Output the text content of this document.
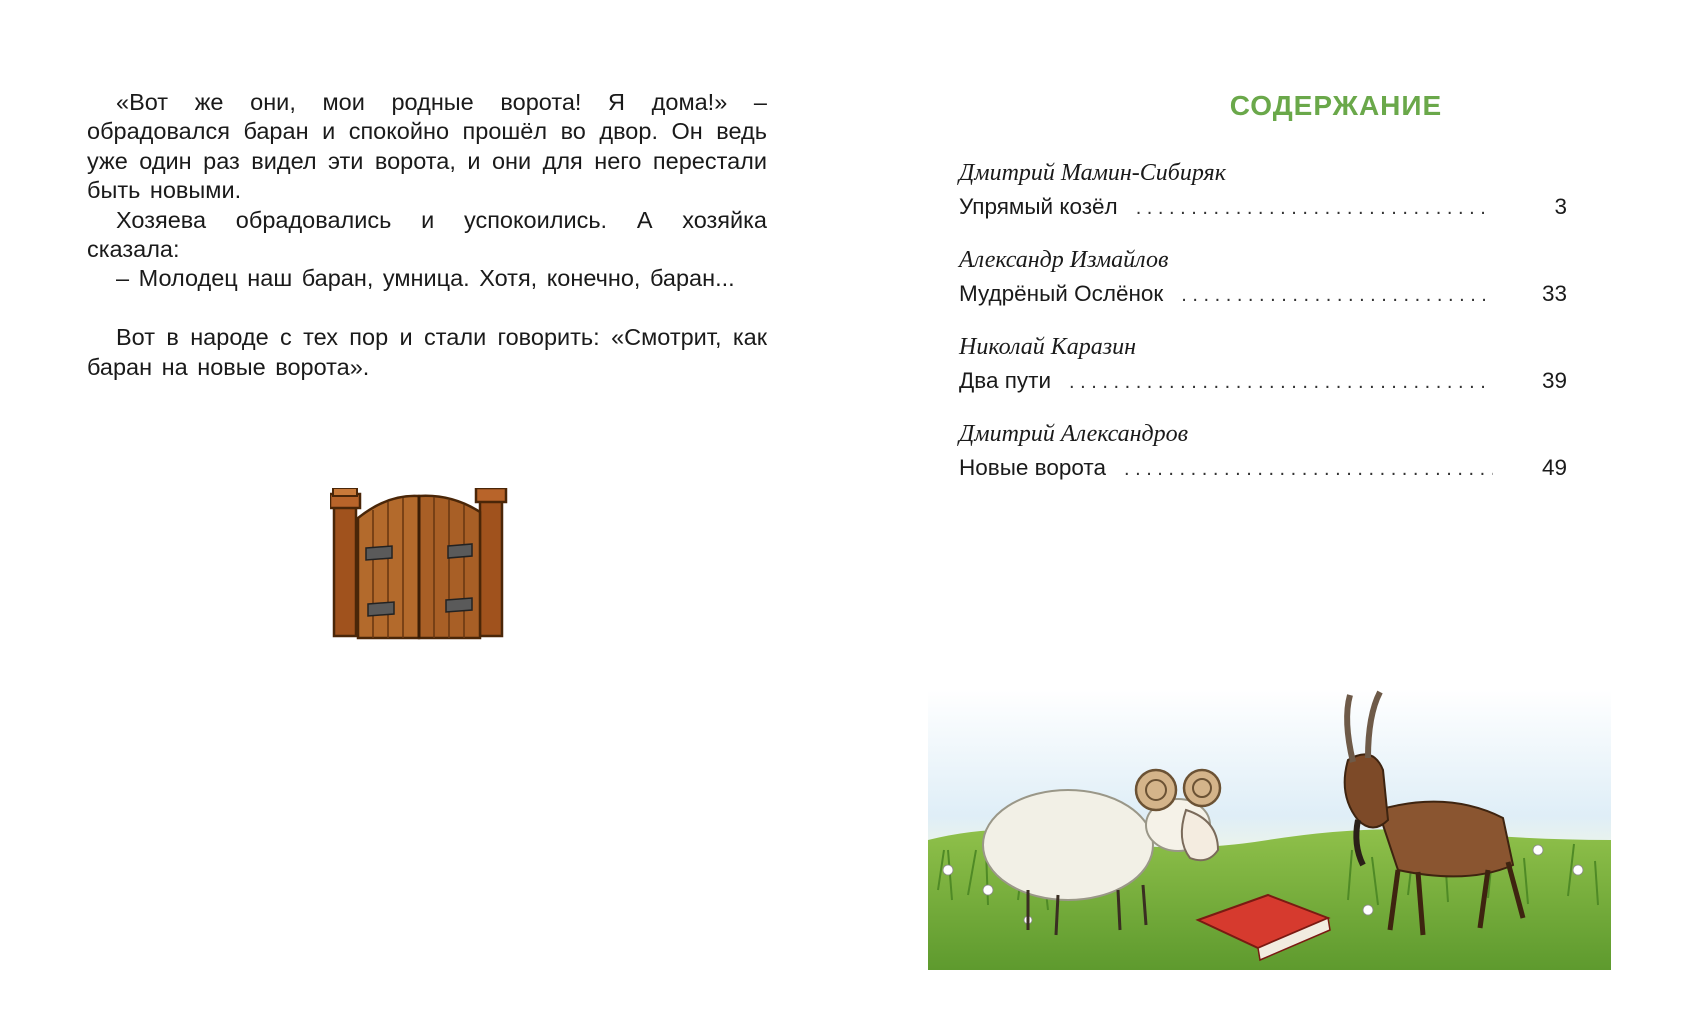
«Вот же они, мои родные ворота! Я дома!» – обрадовался баран и спокойно прошёл во двор. Он ведь уже один раз видел эти ворота, и они для него перестали быть новыми.

Хозяева обрадовались и успокоились. А хозяйка сказала:

– Молодец наш баран, умница. Хотя, конечно, баран...

Вот в народе с тех пор и стали говорить: «Смотрит, как баран на новые ворота».

СОДЕРЖАНИЕ
Дмитрий Мамин-Сибиряк
Упрямый козёл . . .	3
Александр Измайлов
Мудрёный Ослёнок . . .	33
Николай Каразин
Два пути . . .	39
Дмитрий Александров
Новые ворота . . .	49
